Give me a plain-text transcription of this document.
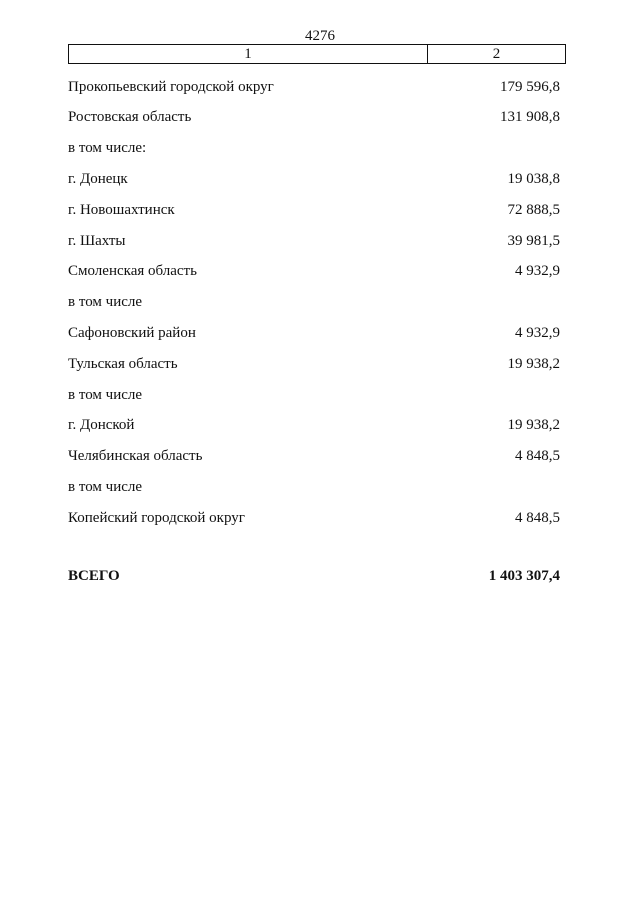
4276
1	2
Прокопьевский городской округ	179 596,8
Ростовская область	131 908,8
в том числе:
г. Донецк	19 038,8
г. Новошахтинск	72 888,5
г. Шахты	39 981,5
Смоленская область	4 932,9
в том числе
Сафоновский район	4 932,9
Тульская область	19 938,2
в том числе
г. Донской	19 938,2
Челябинская область	4 848,5
в том числе
Копейский городской округ	4 848,5
ВСЕГО	1 403 307,4
